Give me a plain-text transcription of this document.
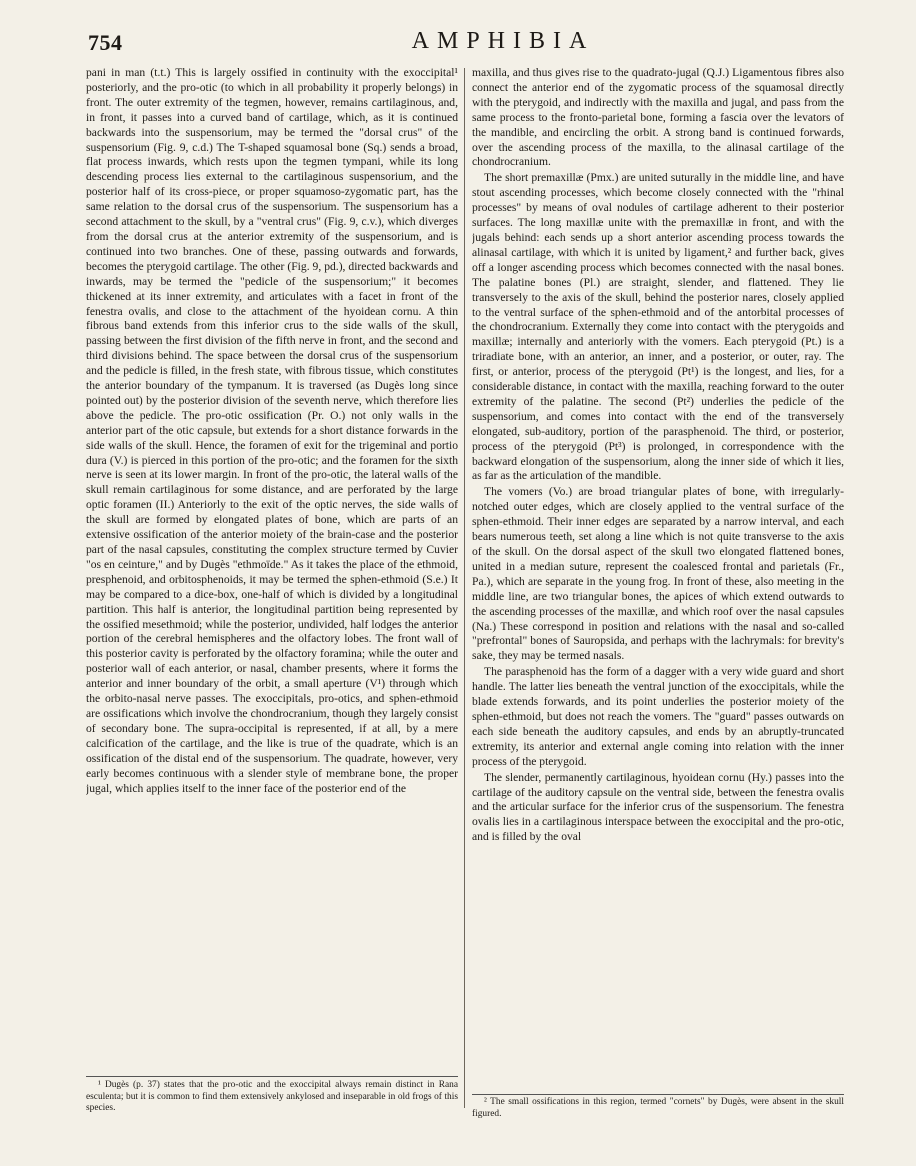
754	AMPHIBIA

pani in man (t.t.) This is largely ossified in continuity with the exoccipital¹ posteriorly, and the pro-otic (to which in all probability it properly belongs) in front. The outer extremity of the tegmen, however, remains cartilaginous, and, in front, it passes into a curved band of cartilage, which, as it is continued backwards into the suspensorium, may be termed the "dorsal crus" of the suspensorium (Fig. 9, c.d.) The T-shaped squamosal bone (Sq.) sends a broad, flat process inwards, which rests upon the tegmen tympani, while its long descending process lies external to the cartilaginous suspensorium, and the posterior half of its cross-piece, or proper squamoso-zygomatic part, has the same relation to the dorsal crus of the suspensorium. The suspensorium has a second attachment to the skull, by a "ventral crus" (Fig. 9, c.v.), which diverges from the dorsal crus at the anterior extremity of the suspensorium, and is continued into two branches. One of these, passing outwards and forwards, becomes the pterygoid cartilage. The other (Fig. 9, pd.), directed backwards and inwards, may be termed the "pedicle of the suspensorium;" it becomes thickened at its inner extremity, and articulates with a facet in front of the fenestra ovalis, and close to the attachment of the hyoidean cornu. A thin fibrous band extends from this inferior crus to the side walls of the skull, passing between the first division of the fifth nerve in front, and the second and third divisions behind. The space between the dorsal crus of the suspensorium and the pedicle is filled, in the fresh state, with fibrous tissue, which constitutes the anterior boundary of the tympanum. It is traversed (as Dugès long since pointed out) by the posterior division of the seventh nerve, which therefore lies above the pedicle. The pro-otic ossification (Pr. O.) not only walls in the anterior part of the otic capsule, but extends for a short distance forwards in the side walls of the skull. Hence, the foramen of exit for the trigeminal and portio dura (V.) is pierced in this portion of the pro-otic; and the foramen for the sixth nerve is seen at its lower margin. In front of the pro-otic, the lateral walls of the skull remain cartilaginous for some distance, and are perforated by the large optic foramen (II.) Anteriorly to the exit of the optic nerves, the side walls of the skull are formed by elongated plates of bone, which are parts of an extensive ossification of the anterior moiety of the brain-case and the posterior part of the nasal capsules, constituting the complex structure termed by Cuvier "os en ceinture," and by Dugès "ethmoïde." As it takes the place of the ethmoid, presphenoid, and orbitosphenoids, it may be termed the sphen-ethmoid (S.e.) It may be compared to a dice-box, one-half of which is divided by a longitudinal partition. This half is anterior, the longitudinal partition being represented by the ossified mesethmoid; while the posterior, undivided, half lodges the anterior portion of the cerebral hemispheres and the olfactory lobes. The front wall of this posterior cavity is perforated by the olfactory foramina; while the outer and posterior wall of each anterior, or nasal, chamber presents, where it forms the anterior and inner boundary of the orbit, a small aperture (V¹) through which the orbito-nasal nerve passes. The exoccipitals, pro-otics, and sphen-ethmoid are ossifications which involve the chondrocranium, though they largely consist of secondary bone. The supra-occipital is represented, if at all, by a mere calcification of the cartilage, and the like is true of the quadrate, which is an ossification of the distal end of the suspensorium. The quadrate, however, very early becomes continuous with a slender style of membrane bone, the proper jugal, which applies itself to the inner face of the posterior end of the

maxilla, and thus gives rise to the quadrato-jugal (Q.J.) Ligamentous fibres also connect the anterior end of the zygomatic process of the squamosal directly with the pterygoid, and indirectly with the maxilla and jugal, and pass from the same process to the fronto-parietal bone, forming a fascia over the levators of the mandible, and encircling the orbit. A strong band is continued forwards, over the ascending process of the maxilla, to the alinasal cartilage of the chondrocranium.

The short premaxillæ (Pmx.) are united suturally in the middle line, and have stout ascending processes, which become closely connected with the "rhinal processes" by means of oval nodules of cartilage adherent to their posterior surfaces. The long maxillæ unite with the premaxillæ in front, and with the jugals behind: each sends up a short anterior ascending process towards the alinasal cartilage, with which it is united by ligament,² and further back, gives off a longer ascending process which becomes connected with the nasal bones. The palatine bones (Pl.) are straight, slender, and flattened. They lie transversely to the axis of the skull, behind the posterior nares, closely applied to the ventral surface of the sphen-ethmoid and of the antorbital processes of the chondrocranium. Externally they come into contact with the pterygoids and maxillæ; internally and anteriorly with the vomers. Each pterygoid (Pt.) is a triradiate bone, with an anterior, an inner, and a posterior, or outer, ray. The first, or anterior, process of the pterygoid (Pt¹) is the longest, and lies, for a considerable distance, in contact with the maxilla, reaching forward to the outer extremity of the palatine. The second (Pt²) underlies the pedicle of the suspensorium, and comes into contact with the end of the transversely elongated, sub-auditory, portion of the parasphenoid. The third, or posterior, process of the pterygoid (Pt³) is prolonged, in correspondence with the backward elongation of the suspensorium, along the inner side of which it lies, as far as the articulation of the mandible.

The vomers (Vo.) are broad triangular plates of bone, with irregularly-notched outer edges, which are closely applied to the ventral surface of the sphen-ethmoid. Their inner edges are separated by a narrow interval, and each bears numerous teeth, set along a line which is not quite transverse to the axis of the skull. On the dorsal aspect of the skull two elongated flattened bones, united in a median suture, represent the coalesced frontal and parietals (Fr., Pa.), which are separate in the young frog. In front of these, also meeting in the middle line, are two triangular bones, the apices of which extend outwards to the ascending processes of the maxillæ, and which roof over the nasal capsules (Na.) These correspond in position and relations with the nasal and so-called "prefrontal" bones of Sauropsida, and perhaps with the lachrymals: for brevity's sake, they may be termed nasals.

The parasphenoid has the form of a dagger with a very wide guard and short handle. The latter lies beneath the ventral junction of the exoccipitals, while the blade extends forwards, and its point underlies the posterior moiety of the sphen-ethmoid, but does not reach the vomers. The "guard" passes outwards on each side beneath the auditory capsules, and ends by an abruptly-truncated extremity, its anterior and external angle coming into relation with the inner process of the pterygoid.

The slender, permanently cartilaginous, hyoidean cornu (Hy.) passes into the cartilage of the auditory capsule on the ventral side, between the fenestra ovalis and the articular surface for the inferior crus of the suspensorium. The fenestra ovalis lies in a cartilaginous interspace between the exoccipital and the pro-otic, and is filled by the oval

¹ Dugès (p. 37) states that the pro-otic and the exoccipital always remain distinct in Rana esculenta; but it is common to find them extensively ankylosed and inseparable in old frogs of this species.
² The small ossifications in this region, termed "cornets" by Dugès, were absent in the skull figured.
